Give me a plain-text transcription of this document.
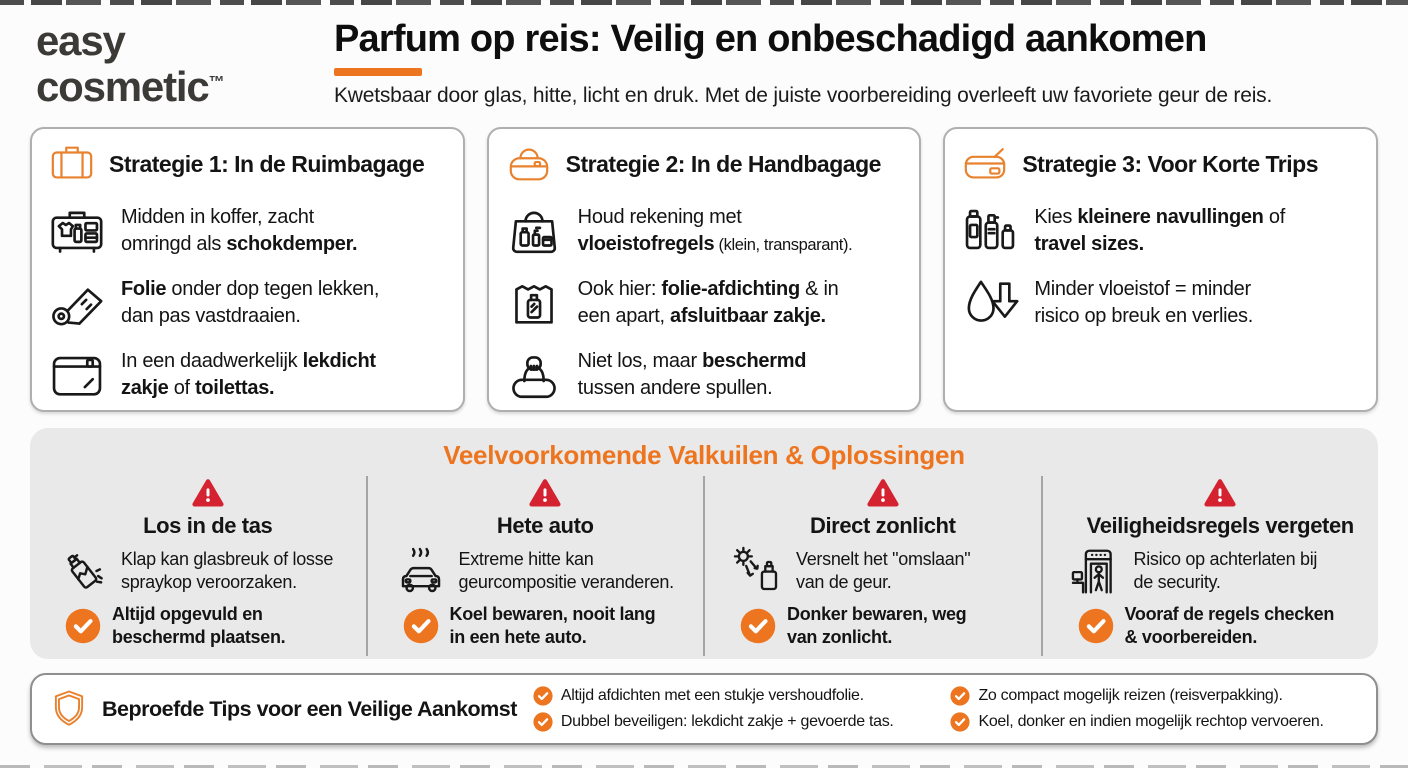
easy
cosmetic™
Parfum op reis: Veilig en onbeschadigd aankomen
Kwetsbaar door glas, hitte, licht en druk. Met de juiste voorbereiding overleeft uw favoriete geur de reis.
Strategie 1: In de Ruimbagage
Midden in koffer, zacht
omringd als schokdemper.
Folie onder dop tegen lekken,
dan pas vastdraaien.
In een daadwerkelijk lekdicht
zakje of toilettas.
Strategie 2: In de Handbagage
Houd rekening met
vloeistofregels (klein, transparant).
Ook hier: folie-afdichting & in
een apart, afsluitbaar zakje.
Niet los, maar beschermd
tussen andere spullen.
Strategie 3: Voor Korte Trips
Kies kleinere navullingen of
travel sizes.
Minder vloeistof = minder
risico op breuk en verlies.
Veelvoorkomende Valkuilen & Oplossingen
Los in de tas
Klap kan glasbreuk of losse
spraykop veroorzaken.
Altijd opgevuld en
beschermd plaatsen.
Hete auto
Extreme hitte kan
geurcompositie veranderen.
Koel bewaren, nooit lang
in een hete auto.
Direct zonlicht
Versnelt het "omslaan"
van de geur.
Donker bewaren, weg
van zonlicht.
Veiligheidsregels vergeten
Risico op achterlaten bij
de security.
Vooraf de regels checken
& voorbereiden.
Beproefde Tips voor een Veilige Aankomst
Altijd afdichten met een stukje vershoudfolie.	Zo compact mogelijk reizen (reisverpakking).
Dubbel beveiligen: lekdicht zakje + gevoerde tas.	Koel, donker en indien mogelijk rechtop vervoeren.
